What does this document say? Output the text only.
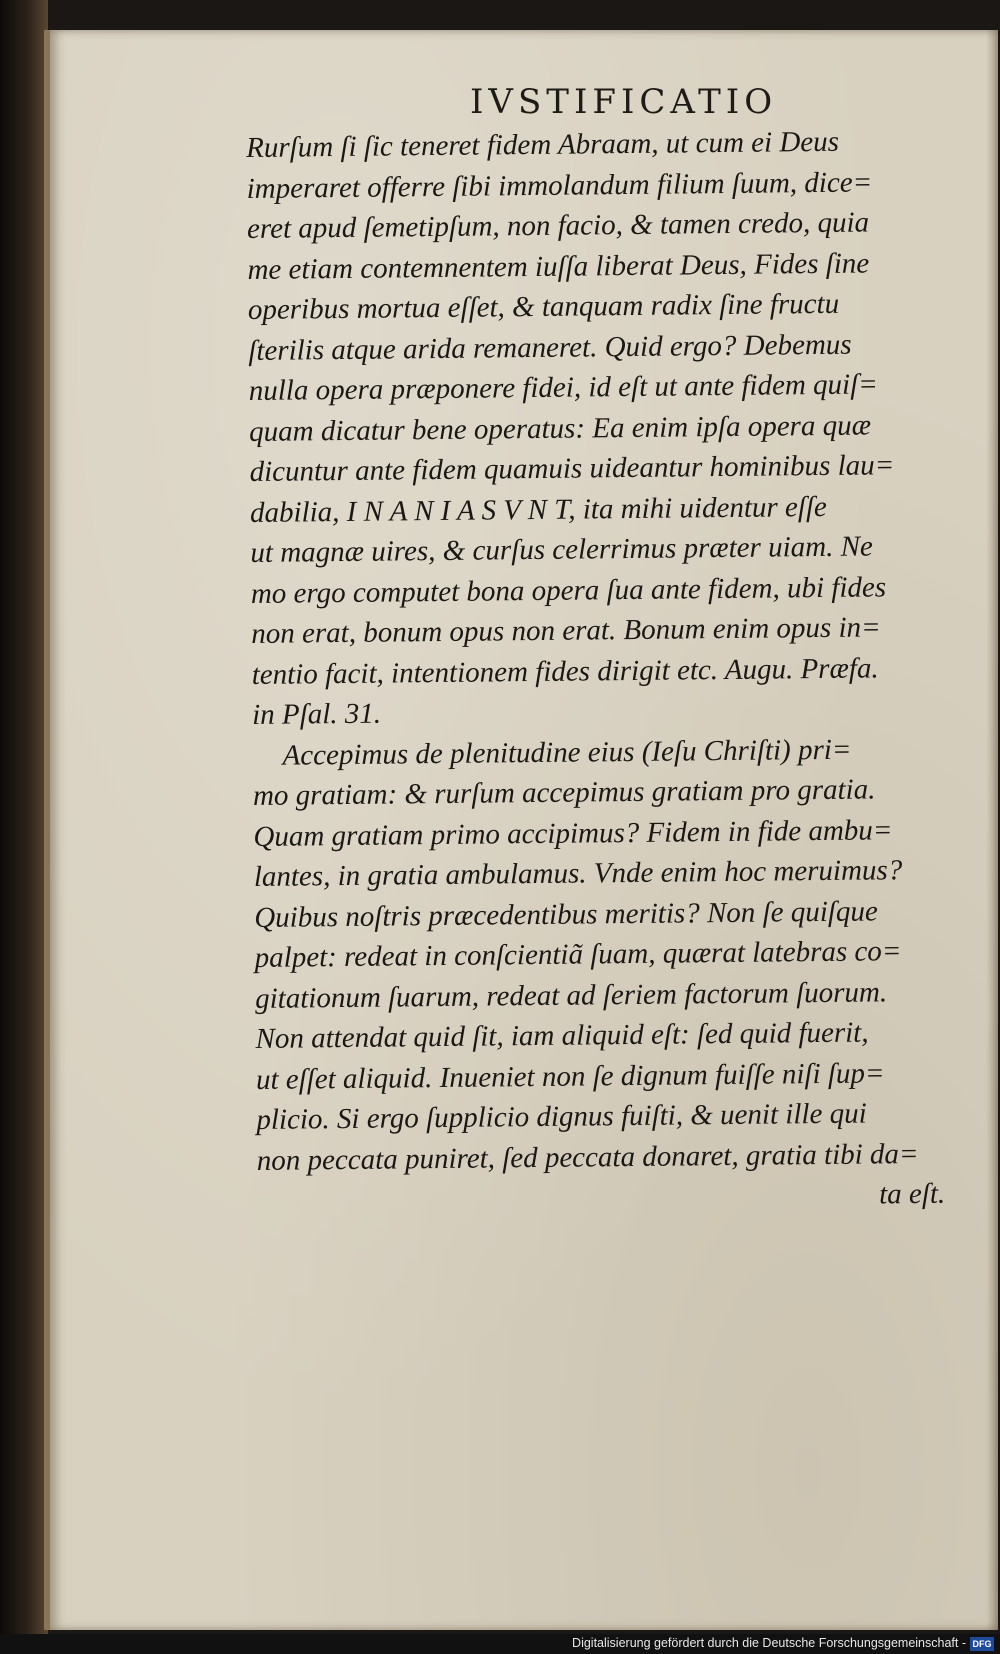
IVSTIFICATIO
Rurſum ſi ſic teneret fidem Abraam, ut cum ei Deus
imperaret offerre ſibi immolandum filium ſuum, dice=
eret apud ſemetipſum, non facio, & tamen credo, quia
me etiam contemnentem iuſſa liberat Deus, Fides ſine
operibus mortua eſſet, & tanquam radix ſine fructu
ſterilis atque arida remaneret. Quid ergo? Debemus
nulla opera præponere fidei, id eſt ut ante fidem quiſ=
quam dicatur bene operatus: Ea enim ipſa opera quæ
dicuntur ante fidem quamuis uideantur hominibus lau=
dabilia, I N A N I A S V N T, ita mihi uidentur eſſe
ut magnæ uires, & curſus celerrimus præter uiam. Ne
mo ergo computet bona opera ſua ante fidem, ubi fides
non erat, bonum opus non erat. Bonum enim opus in=
tentio facit, intentionem fides dirigit etc. Augu. Præfa.
in Pſal. 31.
Accepimus de plenitudine eius (Ieſu Chriſti) pri=
mo gratiam: & rurſum accepimus gratiam pro gratia.
Quam gratiam primo accipimus? Fidem in fide ambu=
lantes, in gratia ambulamus. Vnde enim hoc meruimus?
Quibus noſtris præcedentibus meritis? Non ſe quiſque
palpet: redeat in conſcientiã ſuam, quærat latebras co=
gitationum ſuarum, redeat ad ſeriem factorum ſuorum.
Non attendat quid ſit, iam aliquid eſt: ſed quid fuerit,
ut eſſet aliquid. Inueniet non ſe dignum fuiſſe niſi ſup=
plicio. Si ergo ſupplicio dignus fuiſti, & uenit ille qui
non peccata puniret, ſed peccata donaret, gratia tibi da=
ta eſt.
Digitalisierung gefördert durch die Deutsche Forschungsgemeinschaft - DFG
